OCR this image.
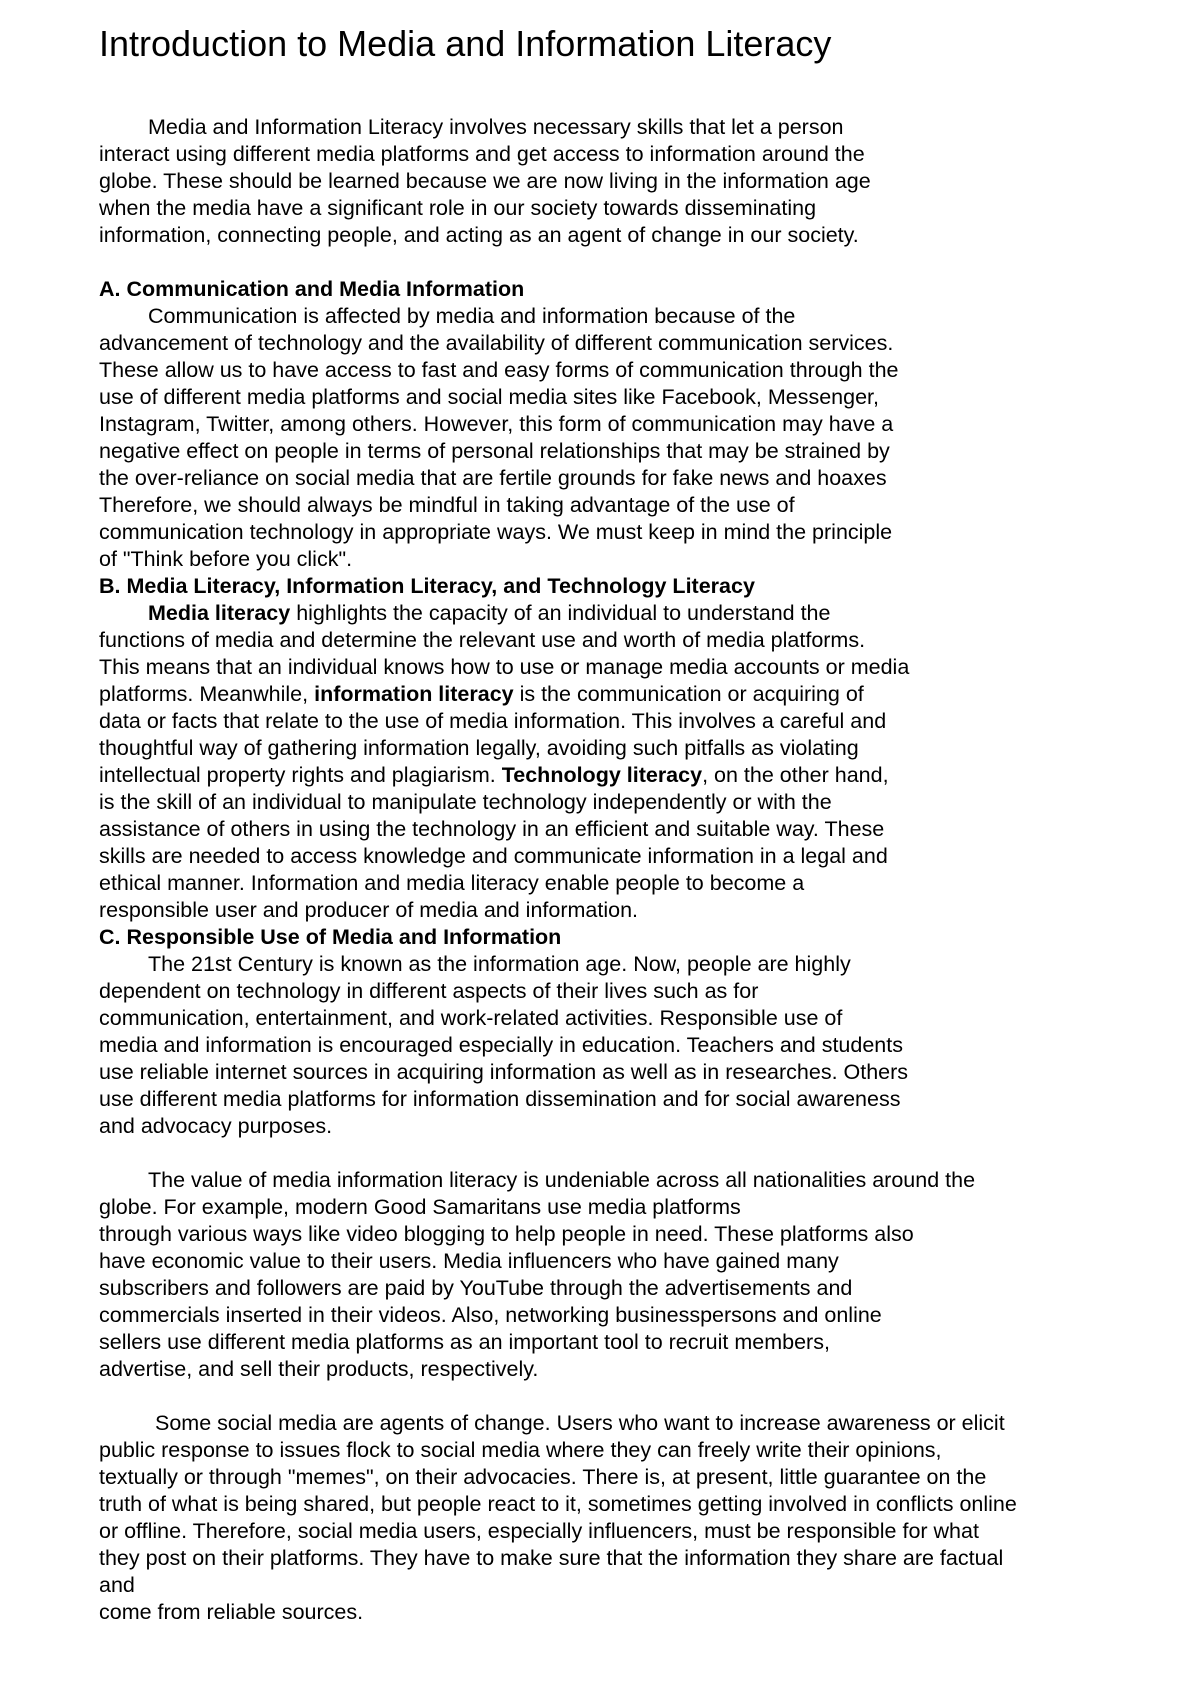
Introduction to Media and Information Literacy
Media and Information Literacy involves necessary skills that let a person
interact using different media platforms and get access to information around the
globe. These should be learned because we are now living in the information age
when the media have a significant role in our society towards disseminating
information, connecting people, and acting as an agent of change in our society.
A. Communication and Media Information
Communication is affected by media and information because of the
advancement of technology and the availability of different communication services.
These allow us to have access to fast and easy forms of communication through the
use of different media platforms and social media sites like Facebook, Messenger,
Instagram, Twitter, among others. However, this form of communication may have a
negative effect on people in terms of personal relationships that may be strained by
the over-reliance on social media that are fertile grounds for fake news and hoaxes
Therefore, we should always be mindful in taking advantage of the use of
communication technology in appropriate ways. We must keep in mind the principle
of "Think before you click".
B. Media Literacy, Information Literacy, and Technology Literacy
Media literacy highlights the capacity of an individual to understand the
functions of media and determine the relevant use and worth of media platforms.
This means that an individual knows how to use or manage media accounts or media
platforms. Meanwhile, information literacy is the communication or acquiring of
data or facts that relate to the use of media information. This involves a careful and
thoughtful way of gathering information legally, avoiding such pitfalls as violating
intellectual property rights and plagiarism. Technology literacy, on the other hand,
is the skill of an individual to manipulate technology independently or with the
assistance of others in using the technology in an efficient and suitable way. These
skills are needed to access knowledge and communicate information in a legal and
ethical manner. Information and media literacy enable people to become a
responsible user and producer of media and information.
C. Responsible Use of Media and Information
The 21st Century is known as the information age. Now, people are highly
dependent on technology in different aspects of their lives such as for
communication, entertainment, and work-related activities. Responsible use of
media and information is encouraged especially in education. Teachers and students
use reliable internet sources in acquiring information as well as in researches. Others
use different media platforms for information dissemination and for social awareness
and advocacy purposes.
The value of media information literacy is undeniable across all nationalities around the
globe. For example, modern Good Samaritans use media platforms
through various ways like video blogging to help people in need. These platforms also
have economic value to their users. Media influencers who have gained many
subscribers and followers are paid by YouTube through the advertisements and
commercials inserted in their videos. Also, networking businesspersons and online
sellers use different media platforms as an important tool to recruit members,
advertise, and sell their products, respectively.
Some social media are agents of change. Users who want to increase awareness or elicit
public response to issues flock to social media where they can freely write their opinions,
textually or through "memes", on their advocacies. There is, at present, little guarantee on the
truth of what is being shared, but people react to it, sometimes getting involved in conflicts online
or offline. Therefore, social media users, especially influencers, must be responsible for what
they post on their platforms. They have to make sure that the information they share are factual
and
come from reliable sources.
